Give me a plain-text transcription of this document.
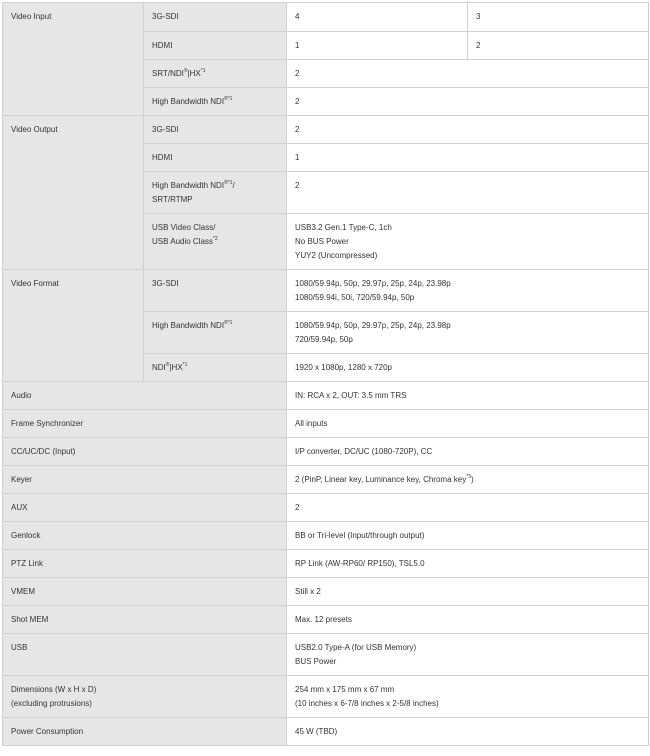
Video Input	3G-SDI	4	3
	HDMI	1	2
	SRT/NDI®|HX$^{*1}$	2	
	High Bandwidth $NDI^{®*1}$	2	
Video Output	3G-SDI	2	
	HDMI	1	

	High Bandwidth $NDI^{®*1}/$
SRT/RTMP	2	

	USB Video Class/
USB Audio Class$^{*2}$	USB3.2 Gen.1 Type-C, 1ch
No BUS Power
YUY2 (Uncompressed)	

Video Format	3G-SDI	1080/59.94p, 50p, 29.97p, 25p, 24p, 23.98p
1080/59.94i, 50i, 720/59.94p, 50p	

	High Bandwidth $NDI^{®*1}$	1080/59.94p, 50p, 29.97p, 25p, 24p, 23.98p
720/59.94p, 50p	

	NDI®|HX$^{*1}$	1920 x 1080p, 1280 x 720p	
Audio		IN: RCA x 2, OUT: 3.5 mm TRS	
Frame Synchronizer		All inputs	
CC/UC/DC (Input)		I/P converter, DC/UC (1080-720P), CC	
Keyer		2 (PinP, Linear key, Luminance key, Chroma key$^{*3}$)	
AUX		2	
Genlock		BB or Tri-level (Input/through output)	
PTZ Link		RP Link (AW-RP60/ RP150), TSL5.0	
VMEM		Still x 2	
Shot MEM		Max. 12 presets	
USB		USB2.0 Type-A (for USB Memory)
BUS Power	

Dimensions (W x H x D)
(excluding protrusions)		254 mm x 175 mm x 67 mm
(10 inches x 6-7/8 inches x 2-5/8 inches)	

Power Consumption		45 W (TBD)	
